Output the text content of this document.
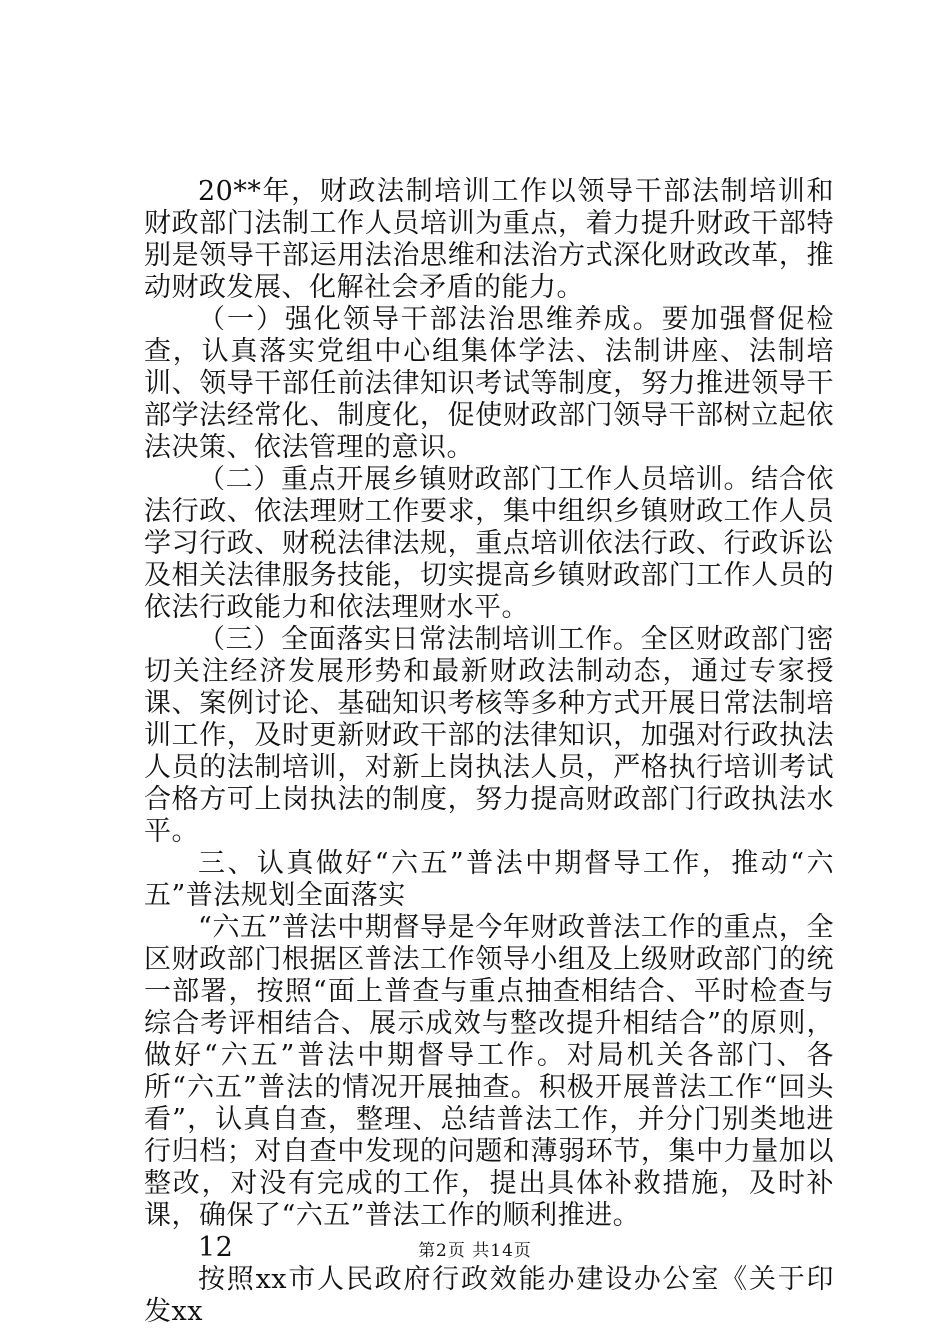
20**年，财政法制培训工作以领导干部法制培训和财政部门法制工作人员培训为重点，着力提升财政干部特别是领导干部运用法治思维和法治方式深化财政改革，推动财政发展、化解社会矛盾的能力。

（一）强化领导干部法治思维养成。要加强督促检查，认真落实党组中心组集体学法、法制讲座、法制培训、领导干部任前法律知识考试等制度，努力推进领导干部学法经常化、制度化，促使财政部门领导干部树立起依法决策、依法管理的意识。

（二）重点开展乡镇财政部门工作人员培训。结合依法行政、依法理财工作要求，集中组织乡镇财政工作人员学习行政、财税法律法规，重点培训依法行政、行政诉讼及相关法律服务技能，切实提高乡镇财政部门工作人员的依法行政能力和依法理财水平。

（三）全面落实日常法制培训工作。全区财政部门密切关注经济发展形势和最新财政法制动态，通过专家授课、案例讨论、基础知识考核等多种方式开展日常法制培训工作，及时更新财政干部的法律知识，加强对行政执法人员的法制培训，对新上岗执法人员，严格执行培训考试合格方可上岗执法的制度，努力提高财政部门行政执法水平。

三、认真做好“六五”普法中期督导工作，推动“六五”普法规划全面落实

“六五”普法中期督导是今年财政普法工作的重点，全区财政部门根据区普法工作领导小组及上级财政部门的统一部署，按照“面上普查与重点抽查相结合、平时检查与综合考评相结合、展示成效与整改提升相结合”的原则，做好“六五”普法中期督导工作。对局机关各部门、各所“六五”普法的情况开展抽查。积极开展普法工作“回头看”，认真自查，整理、总结普法工作，并分门别类地进行归档；对自查中发现的问题和薄弱环节，集中力量加以整改，对没有完成的工作，提出具体补救措施，及时补课，确保了“六五”普法工作的顺利推进。

12

按照xx市人民政府行政效能办建设办公室《关于印发xx

第2页 共14页
